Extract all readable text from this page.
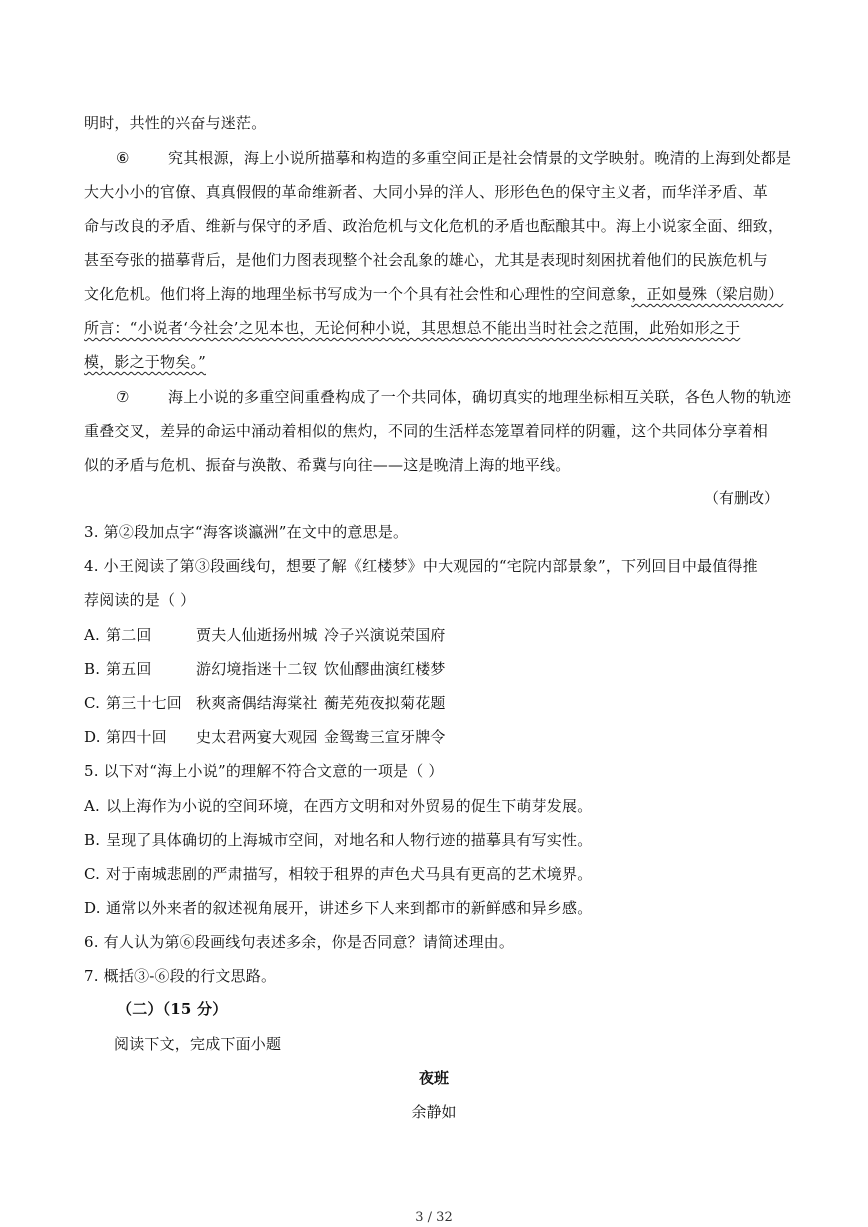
明时，共性的兴奋与迷茫。
⑥	究其根源，海上小说所描摹和构造的多重空间正是社会情景的文学映射。晚清的上海到处都是
大大小小的官僚、真真假假的革命维新者、大同小异的洋人、形形色色的保守主义者，而华洋矛盾、革
命与改良的矛盾、维新与保守的矛盾、政治危机与文化危机的矛盾也酝酿其中。海上小说家全面、细致，
甚至夸张的描摹背后，是他们力图表现整个社会乱象的雄心，尤其是表现时刻困扰着他们的民族危机与
文化危机。他们将上海的地理坐标书写成为一个个具有社会性和心理性的空间意象，正如曼殊（梁启勋）
所言：“小说者‘今社会’之见本也，无论何种小说，其思想总不能出当时社会之范围，此殆如形之于
模，影之于物矣。”
⑦	海上小说的多重空间重叠构成了一个共同体，确切真实的地理坐标相互关联，各色人物的轨迹
重叠交叉，差异的命运中涌动着相似的焦灼，不同的生活样态笼罩着同样的阴霾，这个共同体分享着相
似的矛盾与危机、振奋与涣散、希冀与向往——这是晚清上海的地平线。
（有删改）
3. 第②段加点字“海客谈瀛洲”在文中的意思是。
4. 小王阅读了第③段画线句，想要了解《红楼梦》中大观园的“宅院内部景象”，下列回目中最值得推
荐阅读的是（ ）
A. 第二回	贾夫人仙逝扬州城 冷子兴演说荣国府
B. 第五回	游幻境指迷十二钗 饮仙醪曲演红楼梦
C. 第三十七回 秋爽斋偶结海棠社 蘅芜苑夜拟菊花题
D. 第四十回 史太君两宴大观园 金鸳鸯三宣牙牌令
5. 以下对“海上小说”的理解不符合文意的一项是（ ）
A. 以上海作为小说的空间环境，在西方文明和对外贸易的促生下萌芽发展。
B. 呈现了具体确切的上海城市空间，对地名和人物行迹的描摹具有写实性。
C. 对于南城悲剧的严肃描写，相较于租界的声色犬马具有更高的艺术境界。
D. 通常以外来者的叙述视角展开，讲述乡下人来到都市的新鲜感和异乡感。
6. 有人认为第⑥段画线句表述多余，你是否同意？请简述理由。
7. 概括③-⑥段的行文思路。
（二）（15 分）
阅读下文，完成下面小题
夜班
余静如
3 / 32
